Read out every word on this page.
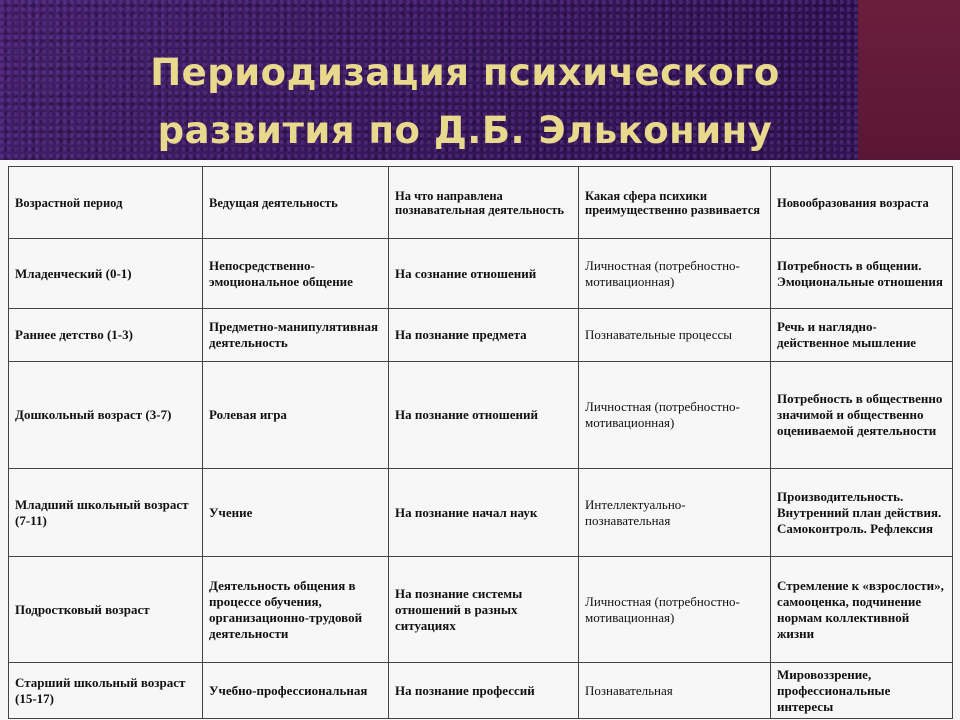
Периодизация психического
развития по Д.Б. Эльконину
Возрастной период	Ведущая деятельность	На что направлена познавательная деятельность	Какая сфера психики преимущественно развивается	Новообразования возраста
Младенческий (0-1)	Непосредственно-эмоциональное общение	На сознание отношений	Личностная (потребностно-мотивационная)	Потребность в общении. Эмоциональные отношения
Раннее детство (1-3)	Предметно-манипулятивная деятельность	На познание предмета	Познавательные процессы	Речь и наглядно-действенное мышление
Дошкольный возраст (3-7)	Ролевая игра	На познание отношений	Личностная (потребностно-мотивационная)	Потребность в общественно значимой и общественно оцениваемой деятельности
Младший школьный возраст (7-11)	Учение	На познание начал наук	Интеллектуально-познавательная	Производительность. Внутренний план действия. Самоконтроль. Рефлексия
Подростковый возраст	Деятельность общения в процессе обучения, организационно-трудовой деятельности	На познание системы отношений в разных ситуациях	Личностная (потребностно-мотивационная)	Стремление к «взрослости», самооценка, подчинение нормам коллективной жизни
Старший школьный возраст (15-17)	Учебно-профессиональная	На познание профессий	Познавательная	Мировоззрение, профессиональные интересы
